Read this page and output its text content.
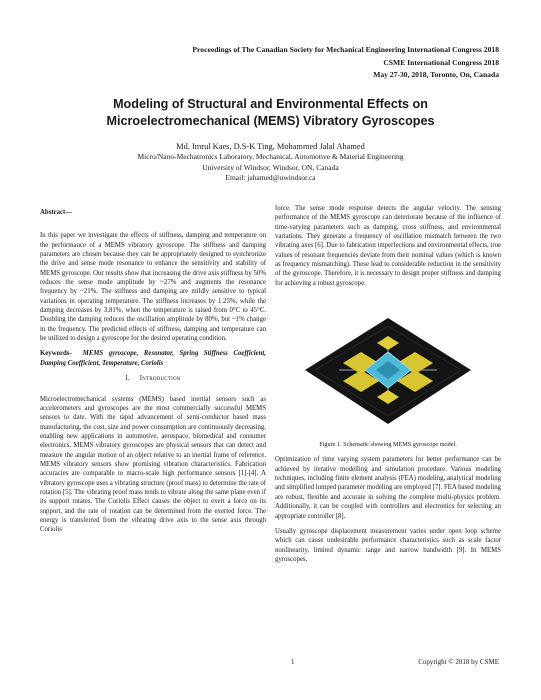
Proceedings of The Canadian Society for Mechanical Engineering International Congress 2018
CSME International Congress 2018
May 27-30, 2018, Toronto, On, Canada
Modeling of Structural and Environmental Effects on Microelectromechanical (MEMS) Vibratory Gyroscopes
Md. Imrul Kaes, D.S-K Ting, Mohammed Jalal Ahamed
Micro/Nano-Mechatronics Laboratory, Mechanical, Automotive & Material Engineering
University of Windsor, Windsor, ON, Canada
Email: jahamed@uwindsor.ca
Abstract—

In this paper we investigate the effects of stiffness, damping and temperature on the performance of a MEMS vibratory gyroscope. The stiffness and damping parameters are chosen because they can be appropriately designed to synchronize the drive and sense mode resonance to enhance the sensitivity and stability of MEMS gyroscope. Our results show that increasing the drive axis stiffness by 50% reduces the sense mode amplitude by ~27% and augments the resonance frequency by ~21%. The stiffness and damping are mildly sensitive to typical variations in operating temperature. The stiffness increases by 1.25%, while the damping decreases by 3.81%, when the temperature is raised from 0°C to 45°C. Doubling the damping reduces the oscillation amplitude by 80%, but ~1% change in the frequency. The predicted effects of stiffness, damping and temperature can be utilized to design a gyroscope for the desired operating condition.

Keywords- MEMS gyroscope, Resonator, Spring Stiffness Coefficient, Damping Coefficient, Temperature, Coriolis

I. Introduction

Microelectromechanical systems (MEMS) based inertial sensors such as accelerometers and gyroscopes are the most commercially successful MEMS sensors to date. With the rapid advancement of semi-conductor based mass manufacturing, the cost, size and power consumption are continuously decreasing, enabling new applications in automotive, aerospace, biomedical and consumer electronics. MEMS vibratory gyroscopes are physical sensors that can detect and measure the angular motion of an object relative to an inertial frame of reference. MEMS vibratory sensors show promising vibration characteristics. Fabrication accuracies are comparable to macro-scale high performance sensors [1]-[4]. A vibratory gyroscope uses a vibrating structure (proof mass) to determine the rate of rotation [5]. The vibrating proof mass tends to vibrate along the same plane even if its support rotates. The Coriolis Effect causes the object to exert a force on its support, and the rate of rotation can be determined from the exerted force. The energy is transferred from the vibrating drive axis to the sense axis through Coriolis

force. The sense mode response detects the angular velocity. The sensing performance of the MEMS gyroscope can deteriorate because of the influence of time-varying parameters such as damping, cross stiffness, and environmental variations. They generate a frequency of oscillation mismatch between the two vibrating axes [6]. Due to fabrication imperfections and environmental effects, true values of resonant frequencies deviate from their nominal values (which is known as frequency mismatching). These lead to considerable reduction in the sensitivity of the gyroscope. Therefore, it is necessary to design proper stiffness and damping for achieving a robust gyroscope.

Figure 1. Schematic showing MEMS gyroscope model.

Optimization of time varying system parameters for better performance can be achieved by iterative modelling and simulation procedure. Various modeling techniques, including finite element analysis (FEA) modeling, analytical modeling and simplified lumped parameter modeling are employed [7]. FEA based modeling are robust, flexible and accurate in solving the complete multi-physics problem. Additionally, it can be coupled with controllers and electronics for selecting an appropriate controller [8].

Usually gyroscope displacement measurement varies under open loop scheme which can cause undesirable performance characteristics such as scale factor nonlinearity, limited dynamic range and narrow bandwidth [9]. In MEMS gyroscopes,

1	Copyright © 2018 by CSME
